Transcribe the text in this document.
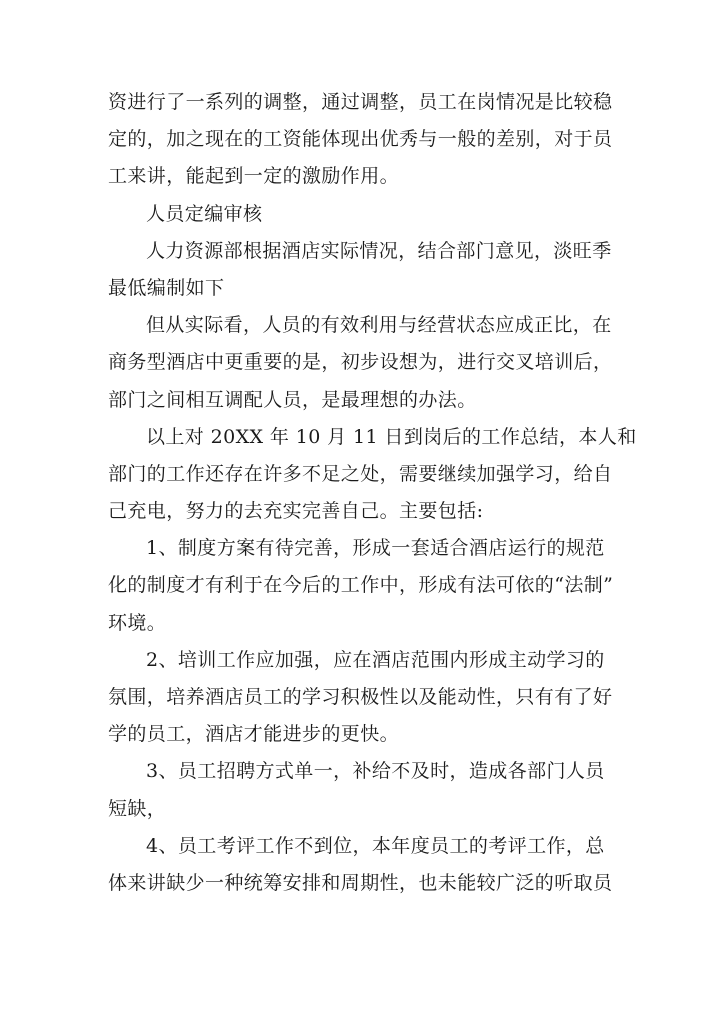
资进行了一系列的调整，通过调整，员工在岗情况是比较稳
定的，加之现在的工资能体现出优秀与一般的差别，对于员
工来讲，能起到一定的激励作用。
人员定编审核
人力资源部根据酒店实际情况，结合部门意见，淡旺季
最低编制如下
但从实际看，人员的有效利用与经营状态应成正比，在
商务型酒店中更重要的是，初步设想为，进行交叉培训后，
部门之间相互调配人员，是最理想的办法。
以上对 20XX 年 10 月 11 日到岗后的工作总结，本人和
部门的工作还存在许多不足之处，需要继续加强学习，给自
己充电，努力的去充实完善自己。主要包括:
1、制度方案有待完善，形成一套适合酒店运行的规范
化的制度才有利于在今后的工作中，形成有法可依的“法制”
环境。
2、培训工作应加强，应在酒店范围内形成主动学习的
氛围，培养酒店员工的学习积极性以及能动性，只有有了好
学的员工，酒店才能进步的更快。
3、员工招聘方式单一，补给不及时，造成各部门人员
短缺，
4、员工考评工作不到位，本年度员工的考评工作，总
体来讲缺少一种统筹安排和周期性，也未能较广泛的听取员
